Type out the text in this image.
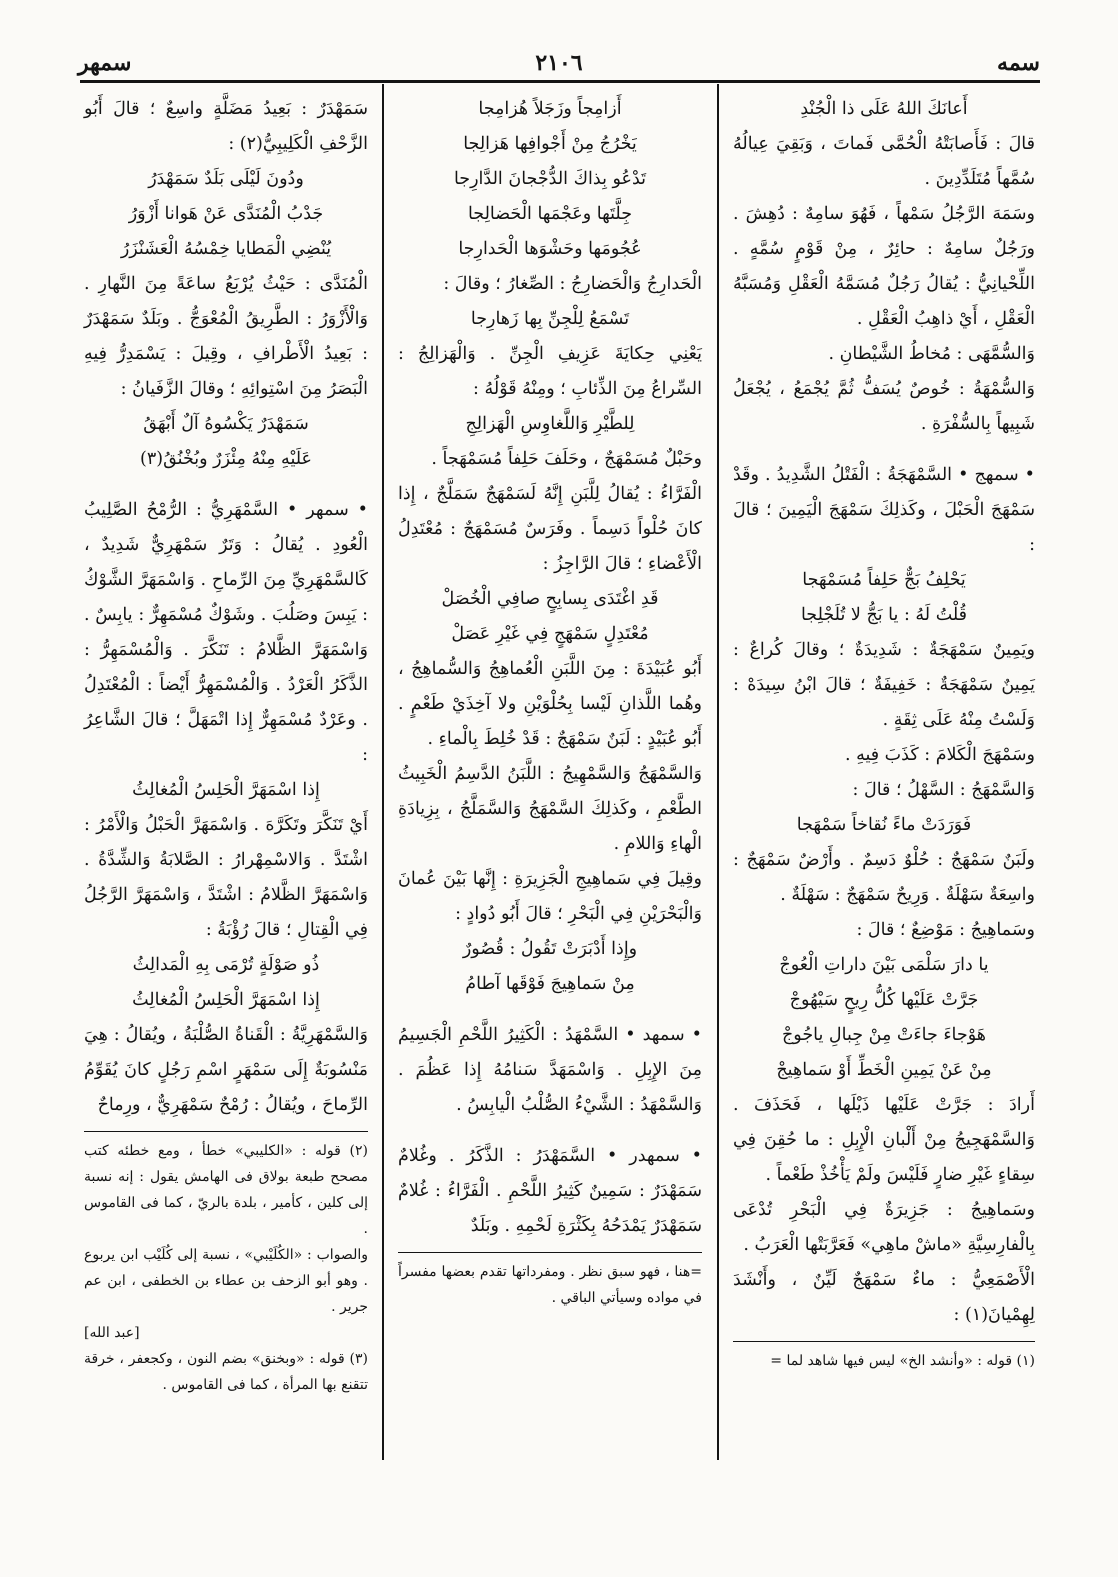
سمه
٢١٠٦
سمهر

أَعانَكَ اللهُ عَلَى ذا الْجُنْدِ

قالَ : فَأَصابَتْهُ الْحُمَّى فَماتَ ، وَبَقِيَ عِيالُهُ سُمَّهاً مُتَلَدِّدِينَ .

وسَمَهَ الرَّجُلُ سَمْهاً ، فَهُوَ سامِهٌ : دُهِشَ . ورَجُلٌ سامِهٌ : حائِرٌ ، مِنْ قَوْمٍ سُمَّهٍ . اللِّحْيانِيُّ : يُقالُ رَجُلٌ مُسَمَّهُ الْعَقْلِ وَمُسَبَّهُ الْعَقْلِ ، أَيْ ذاهِبُ الْعَقْلِ .

وَالسُّمَّهَى : مُخاطُ الشَّيْطانِ .

وَالسُّمْهَةُ : خُوصٌ يُسَفُّ ثُمَّ يُجْمَعُ ، يُجْعَلُ شَبِيهاً بِالسُّفْرَةِ .

• سمهج • السَّمْهَجَةُ : الْفَتْلُ الشَّدِيدُ . وقَدْ سَمْهَجَ الْحَبْلَ ، وكَذلِكَ سَمْهَجَ الْيَمِينَ ؛ قالَ :

يَحْلِفُ بَجٌّ حَلِفاً مُسَمْهَجا

قُلْتُ لَهُ : يا بَجُّ لا تُلَجْلِجا

ويَمِينٌ سَمْهَجَةٌ : شَدِيدَةٌ ؛ وقالَ كُراعٌ : يَمِينٌ سَمْهَجَةٌ : خَفِيفَةٌ ؛ قالَ ابْنُ سِيدَهْ : وَلَسْتُ مِنْهُ عَلَى ثِقَةٍ .

وسَمْهَجَ الْكَلامَ : كَذَبَ فِيهِ .

وَالسَّمْهَجُ : السَّهْلُ ؛ قالَ :

فَوَرَدَتْ ماءً نُقاخاً سَمْهَجا

ولَبَنٌ سَمْهَجٌ : حُلْوٌ دَسِمٌ . وأَرْضٌ سَمْهَجٌ : واسِعَةٌ سَهْلَةٌ . وَرِيحٌ سَمْهَجٌ : سَهْلَةٌ .

وسَماهِيجُ : مَوْضِعٌ ؛ قالَ :

يا دارَ سَلْمَى بَيْنَ داراتِ الْعُوجْ

جَرَّتْ عَلَيْها كُلُّ رِيحٍ سَيْهُوجْ

هَوْجاءَ جاءَتْ مِنْ جِبالِ ياجُوجْ

مِنْ عَنْ يَمِينِ الْخَطِّ أَوْ سَماهِيجْ

أَرادَ : جَرَّتْ عَلَيْها ذَيْلَها ، فَحَذَفَ . وَالسَّمْهَجِيجُ مِنْ أَلْبانِ الْإِبِلِ : ما حُقِنَ فِي سِقاءٍ غَيْرِ ضارٍ فَلَيْسَ ولَمْ يَأْخُذْ طَعْماً .

وسَماهِيجُ : جَزِيرَةٌ فِي الْبَحْرِ تُدْعَى بِالْفارِسِيَّةِ «ماشْ ماهِي» فَعَرَّبَتْها الْعَرَبُ .

الْأَصْمَعِيُّ : ماءٌ سَمْهَجٌ لَيِّنٌ ، وأَنْشَدَ لِهِمْيانَ(١) :

(١) قوله : «وأنشد الخ» ليس فيها شاهد لما =

أَزامِجاً وزَجَلاً هُزامِجا

يَخْرُجُ مِنْ أَجْوافِها هَزالِجا

تَدْعُو بِذاكَ الدُّجْجانَ الدَّارِجا

جِلَّتَها وعَجْمَها الْحَضالِجا

عُجُومَها وحَشْوَها الْحَدارِجا

الْحَدارِجُ وَالْحَضارِجُ : الصِّغارُ ؛ وقالَ :

تَسْمَعُ لِلْجِنِّ بِها زَهارِجا

يَعْنِي حِكايَةَ عَزِيفِ الْجِنِّ . وَالْهَزالِجُ : السِّراعُ مِنَ الذِّئابِ ؛ ومِنْهُ قَوْلُهُ :

لِلطَّيْرِ وَاللَّغاوِسِ الْهَزالِجِ

وحَبْلٌ مُسَمْهَجٌ ، وحَلَفَ حَلِفاً مُسَمْهَجاً .

الْفَرَّاءُ : يُقالُ لِلَّبَنِ إِنَّهُ لَسَمْهَجٌ سَمَلَّجٌ ، إِذا كانَ حُلْواً دَسِماً . وفَرَسٌ مُسَمْهَجٌ : مُعْتَدِلُ الْأَعْضاءِ ؛ قالَ الرَّاجِزُ :

قَدِ اغْتَدَى بِسابِحٍ صافِي الْخُصَلْ

مُعْتَدِلٍ سَمْهَجٍ فِي غَيْرِ عَصَلْ

أَبُو عُبَيْدَةَ : مِنَ اللَّبَنِ الْعُماهِجُ وَالسُّماهِجُ ، وهُما اللَّذانِ لَيْسا بِحُلْوَيْنِ ولا آخِذَيْ طَعْمٍ . أَبُو عُبَيْدٍ : لَبَنٌ سَمْهَجٌ : قَدْ خُلِطَ بِالْماءِ .

وَالسَّمْهَجُ وَالسَّمْهِيجُ : اللَّبَنُ الدَّسِمُ الْخَبِيثُ الطَّعْمِ ، وكَذلِكَ السَّمْهَجُ وَالسَّمَلَّجُ ، بِزِيادَةِ الْهاءِ وَاللامِ .

وقِيلَ فِي سَماهِيجِ الْجَزِيرَةِ : إِنَّها بَيْنَ عُمانَ وَالْبَحْرَيْنِ فِي الْبَحْرِ ؛ قالَ أَبُو دُوادٍ :

وإِذا أَدْبَرَتْ تَقُولُ : قُصُورٌ

مِنْ سَماهِيجَ فَوْقَها آطامُ

• سمهد • السَّمْهَدُ : الْكَثِيرُ اللَّحْمِ الْجَسِيمُ مِنَ الإِبِلِ . وَاسْمَهَدَّ سَنامُهُ إِذا عَظُمَ . وَالسَّمْهَدُ : الشَّيْءُ الصُّلْبُ الْيابِسُ .

• سمهدر • السَّمَهْدَرُ : الذَّكَرُ . وغُلامٌ سَمَهْدَرٌ : سَمِينٌ كَثِيرُ اللَّحْمِ . الْفَرَّاءُ : غُلامٌ سَمَهْدَرٌ يَمْدَحُهُ بِكَثْرَةِ لَحْمِهِ . وبَلَدٌ

=هنا ، فهو سبق نظر . ومفرداتها تقدم بعضها مفسراً في مواده وسيأتي الباقي .

سَمَهْدَرٌ : بَعِيدُ مَضَلَّةٍ واسِعٌ ؛ قالَ أَبُو الزَّحْفِ الْكَلِيبِيُّ(٢) :

ودُونَ لَيْلَى بَلَدٌ سَمَهْدَرُ

جَدْبُ الْمُنَدَّى عَنْ هَوانا أَزْوَرُ

يُنْضِي الْمَطايا خِمْسُهُ الْعَشَنْزَرُ

الْمُنَدَّى : حَيْثُ يُرْبَعُ ساعَةً مِنَ النَّهارِ . وَالْأَزْوَرُ : الطَّرِيقُ الْمُعْوَجُّ . وبَلَدٌ سَمَهْدَرٌ : بَعِيدُ الْأَطْرافِ ، وقِيلَ : يَسْمَدِرُّ فِيهِ الْبَصَرُ مِنَ اسْتِوائِهِ ؛ وقالَ الزَّفَيانُ :

سَمَهْدَرٌ يَكْسُوهُ آلٌ أَبْهَقُ

عَلَيْهِ مِنْهُ مِئْزَرٌ وبُخْنُقُ(٣)

• سمهر • السَّمْهَرِيُّ : الرُّمْحُ الصَّلِيبُ الْعُودِ . يُقالُ : وَتَرٌ سَمْهَرِيٌّ شَدِيدٌ ، كَالسَّمْهَرِيِّ مِنَ الرِّماحِ . وَاسْمَهَرَّ الشَّوْكُ : يَبِسَ وصَلُبَ . وشَوْكٌ مُسْمَهِرٌّ : يابِسٌ . وَاسْمَهَرَّ الظَّلامُ : تَنَكَّرَ . وَالْمُسْمَهِرُّ : الذَّكَرُ الْعَرْدُ . وَالْمُسْمَهِرُّ أَيْضاً : الْمُعْتَدِلُ . وعَرْدٌ مُسْمَهِرٌّ إِذا اتْمَهَلَّ ؛ قالَ الشَّاعِرُ :

إِذا اسْمَهَرَّ الْحَلِسُ الْمُغالِثُ

أَيْ تَنَكَّرَ وتَكَرَّهَ . وَاسْمَهَرَّ الْحَبْلُ وَالْأَمْرُ : اشْتَدَّ . وَالاسْمِهْرارُ : الصَّلابَةُ وَالشِّدَّةُ . وَاسْمَهَرَّ الظَّلامُ : اشْتَدَّ ، وَاسْمَهَرَّ الرَّجُلُ فِي الْقِتالِ ؛ قالَ رُؤْبَةُ :

ذُو صَوْلَةٍ تُرْمَى بِهِ الْمَدالِثُ

إِذا اسْمَهَرَّ الْحَلِسُ الْمُغالِثُ

وَالسَّمْهَرِيَّةُ : الْقَناةُ الصُّلْبَةُ ، ويُقالُ : هِيَ مَنْسُوبَةٌ إِلَى سَمْهَرٍ اسْمِ رَجُلٍ كانَ يُقَوِّمُ الرِّماحَ ، ويُقالُ : رُمْحٌ سَمْهَرِيٌّ ، ورِماحٌ

(٢) قوله : «الكليبي» خطأ ، ومع خطئه كتب مصحح طبعة بولاق فى الهامش يقول : إنه نسبة إلى كلين ، كأمير ، بلدة بالريّ ، كما فى القاموس .

والصواب : «الكُلَيْبي» ، نسبة إلى كُلَيْب ابن يربوع . وهو أبو الزحف بن عطاء بن الخطفى ، ابن عم جرير .

[عبد الله]

(٣) قوله : «وبخنق» بضم النون ، وكجعفر ، خرقة تتقنع بها المرأة ، كما فى القاموس .
